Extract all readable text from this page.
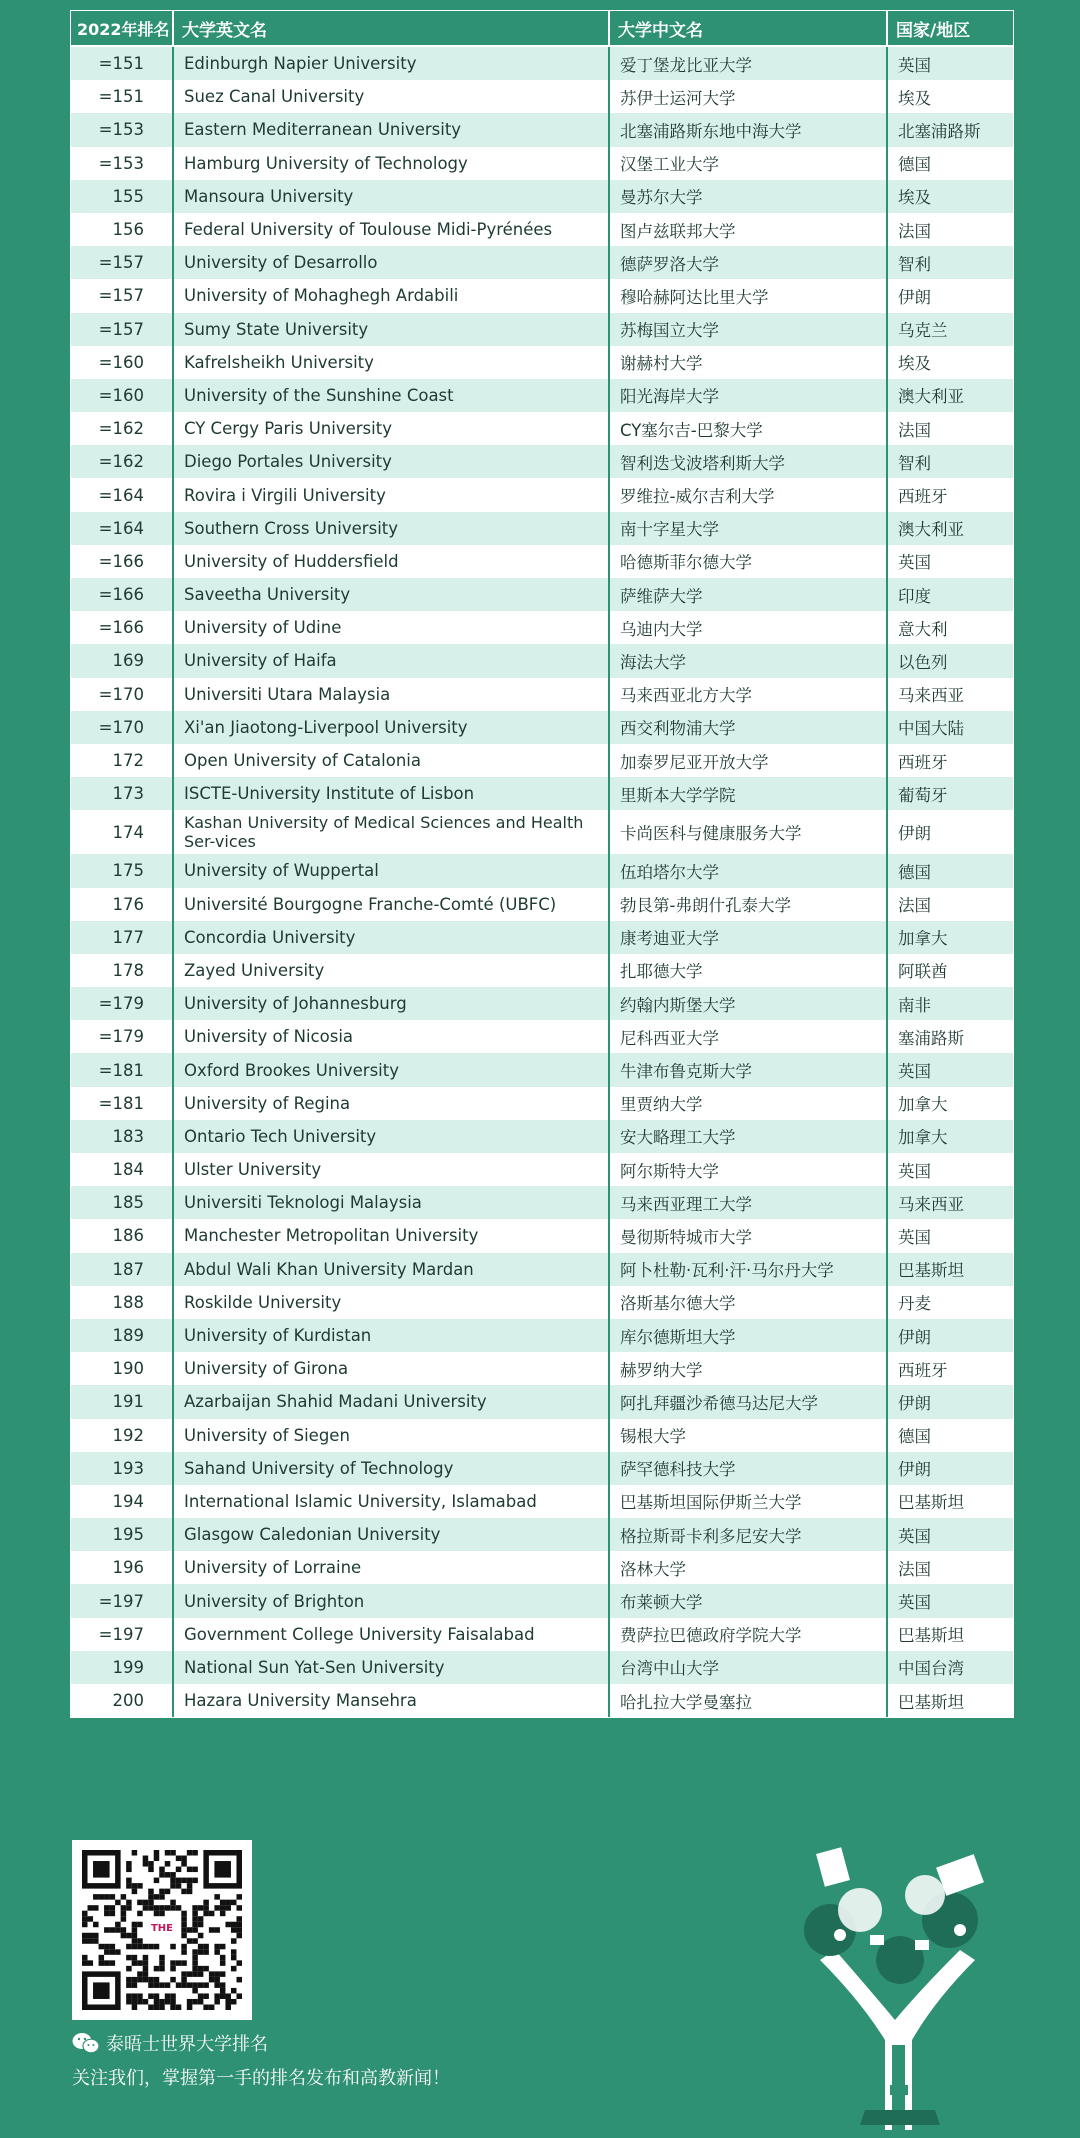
2022年排名	大学英文名	大学中文名	国家/地区
=151	Edinburgh Napier University	爱丁堡龙比亚大学	英国
=151	Suez Canal University	苏伊士运河大学	埃及
=153	Eastern Mediterranean University	北塞浦路斯东地中海大学	北塞浦路斯
=153	Hamburg University of Technology	汉堡工业大学	德国
155	Mansoura University	曼苏尔大学	埃及
156	Federal University of Toulouse Midi-Pyrénées	图卢兹联邦大学	法国
=157	University of Desarrollo	德萨罗洛大学	智利
=157	University of Mohaghegh Ardabili	穆哈赫阿达比里大学	伊朗
=157	Sumy State University	苏梅国立大学	乌克兰
=160	Kafrelsheikh University	谢赫村大学	埃及
=160	University of the Sunshine Coast	阳光海岸大学	澳大利亚
=162	CY Cergy Paris University	CY塞尔吉-巴黎大学	法国
=162	Diego Portales University	智利迭戈波塔利斯大学	智利
=164	Rovira i Virgili University	罗维拉-威尔吉利大学	西班牙
=164	Southern Cross University	南十字星大学	澳大利亚
=166	University of Huddersfield	哈德斯菲尔德大学	英国
=166	Saveetha University	萨维萨大学	印度
=166	University of Udine	乌迪内大学	意大利
169	University of Haifa	海法大学	以色列
=170	Universiti Utara Malaysia	马来西亚北方大学	马来西亚
=170	Xi'an Jiaotong-Liverpool University	西交利物浦大学	中国大陆
172	Open University of Catalonia	加泰罗尼亚开放大学	西班牙
173	ISCTE-University Institute of Lisbon	里斯本大学学院	葡萄牙
174	Kashan University of Medical Sciences and Health Ser-vices	卡尚医科与健康服务大学	伊朗
175	University of Wuppertal	伍珀塔尔大学	德国
176	Université Bourgogne Franche-Comté (UBFC)	勃艮第-弗朗什孔泰大学	法国
177	Concordia University	康考迪亚大学	加拿大
178	Zayed University	扎耶德大学	阿联酋
=179	University of Johannesburg	约翰内斯堡大学	南非
=179	University of Nicosia	尼科西亚大学	塞浦路斯
=181	Oxford Brookes University	牛津布鲁克斯大学	英国
=181	University of Regina	里贾纳大学	加拿大
183	Ontario Tech University	安大略理工大学	加拿大
184	Ulster University	阿尔斯特大学	英国
185	Universiti Teknologi Malaysia	马来西亚理工大学	马来西亚
186	Manchester Metropolitan University	曼彻斯特城市大学	英国
187	Abdul Wali Khan University Mardan	阿卜杜勒·瓦利·汗·马尔丹大学	巴基斯坦
188	Roskilde University	洛斯基尔德大学	丹麦
189	University of Kurdistan	库尔德斯坦大学	伊朗
190	University of Girona	赫罗纳大学	西班牙
191	Azarbaijan Shahid Madani University	阿扎拜疆沙希德马达尼大学	伊朗
192	University of Siegen	锡根大学	德国
193	Sahand University of Technology	萨罕德科技大学	伊朗
194	International Islamic University, Islamabad	巴基斯坦国际伊斯兰大学	巴基斯坦
195	Glasgow Caledonian University	格拉斯哥卡利多尼安大学	英国
196	University of Lorraine	洛林大学	法国
=197	University of Brighton	布莱顿大学	英国
=197	Government College University Faisalabad	费萨拉巴德政府学院大学	巴基斯坦
199	National Sun Yat-Sen University	台湾中山大学	中国台湾
200	Hazara University Mansehra	哈扎拉大学曼塞拉	巴基斯坦
THE
泰晤士世界大学排名
关注我们，掌握第一手的排名发布和高教新闻！
